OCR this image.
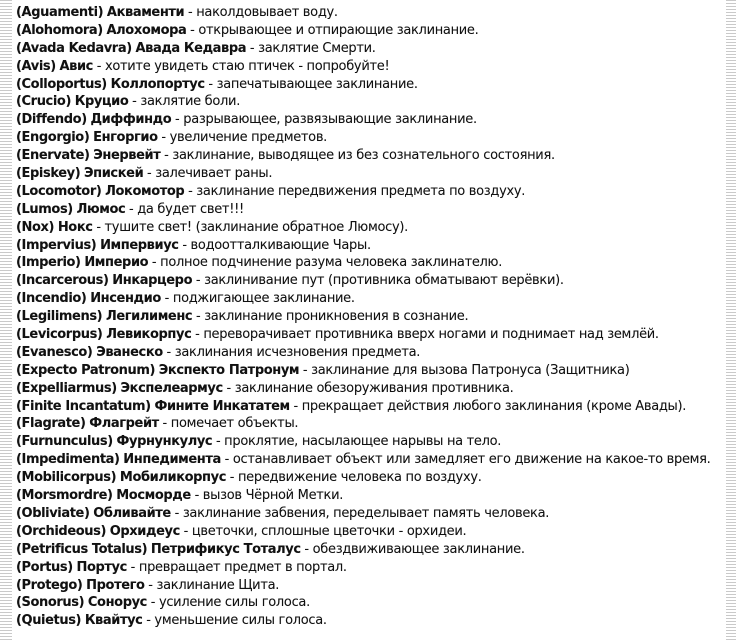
(Aguamenti) Акваменти - наколдовывает воду.
(Alohomora) Алохомора - открывающее и отпирающие заклинание.
(Avada Kedavra) Авада Кедавра - заклятие Смерти.
(Avis) Авис - хотите увидеть стаю птичек - попробуйте!
(Colloportus) Коллопортус - запечатывающее заклинание.
(Crucio) Круцио - заклятие боли.
(Diffendo) Диффиндо - разрывающее, развязывающие заклинание.
(Engorgio) Енгоргио - увеличение предметов.
(Enervate) Энервейт - заклинание, выводящее из без сознательного состояния.
(Episkey) Эпискей - залечивает раны.
(Locomotor) Локомотор - заклинание передвижения предмета по воздуху.
(Lumos) Люмос - да будет свет!!!
(Nox) Нокс - тушите свет! (заклинание обратное Люмосу).
(Impervius) Импервиус - водоотталкивающие Чары.
(Imperio) Империо - полное подчинение разума человека заклинателю.
(Incarcerous) Инкарцеро - заклинивание пут (противника обматывают верёвки).
(Incendio) Инсендио - поджигающее заклинание.
(Legilimens) Легилименс - заклинание проникновения в сознание.
(Levicorpus) Левикорпус - переворачивает противника вверх ногами и поднимает над землёй.
(Evanesco) Эванеско - заклинания исчезновения предмета.
(Expecto Patronum) Экспекто Патронум - заклинание для вызова Патронуса (Защитника)
(Expelliarmus) Экспелеармус - заклинание обезоруживания противника.
(Finite Incantatum) Фините Инкататем - прекращает действия любого заклинания (кроме Авады).
(Flagrate) Флагрейт - помечает объекты.
(Furnunculus) Фурнункулус - проклятие, насылающее нарывы на тело.
(Impedimenta) Инпедимента - останавливает объект или замедляет его движение на какое-то время.
(Mobilicorpus) Мобиликорпус - передвижение человека по воздуху.
(Morsmordre) Мосморде - вызов Чёрной Метки.
(Obliviate) Обливайте - заклинание забвения, переделывает память человека.
(Orchideous) Орхидеус - цветочки, сплошные цветочки - орхидеи.
(Petrificus Totalus) Петрификус Тоталус - обездвиживающее заклинание.
(Portus) Портус - превращает предмет в портал.
(Protego) Протего - заклинание Щита.
(Sonorus) Сонорус - усиление силы голоса.
(Quietus) Квайтус - уменьшение силы голоса.
